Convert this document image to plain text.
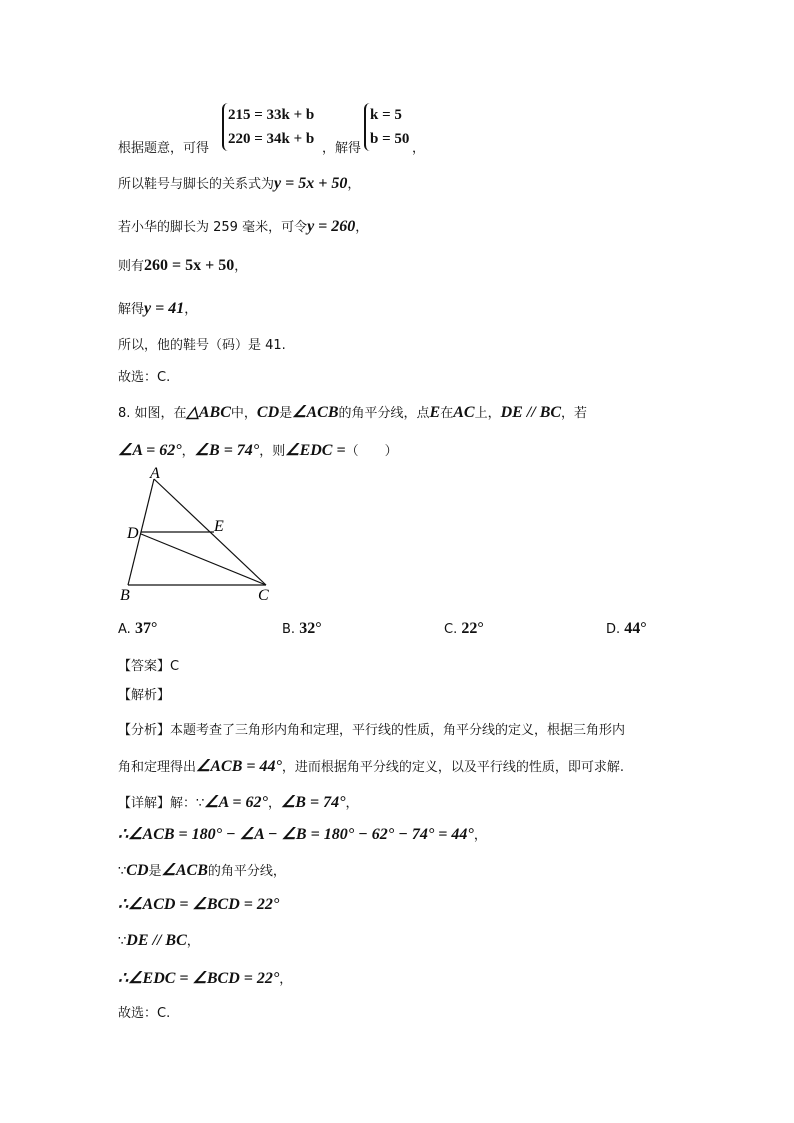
根据题意，可得
215 = 33k + b
220 = 34k + b
，解得
k = 5
b = 50
，
所以鞋号与脚长的关系式为y = 5x + 50，
若小华的脚长为 259 毫米，可令y = 260，
则有260 = 5x + 50，
解得y = 41，
所以，他的鞋号（码）是 41.
故选：C.
8. 如图，在△ABC中，CD是∠ACB的角平分线，点E在AC上，DE // BC，若
∠A = 62°，∠B = 74°，则∠EDC =（　　）
A
D	E
B	C
A. 37°	B. 32°	C. 22°	D. 44°
【答案】C
【解析】
【分析】本题考查了三角形内角和定理，平行线的性质，角平分线的定义，根据三角形内
角和定理得出∠ACB = 44°，进而根据角平分线的定义，以及平行线的性质，即可求解.
【详解】解：∵∠A = 62°，∠B = 74°，
∴∠ACB = 180° − ∠A − ∠B = 180° − 62° − 74° = 44°，
∵CD是∠ACB的角平分线，
∴∠ACD = ∠BCD = 22°
∵DE // BC，
∴∠EDC = ∠BCD = 22°，
故选：C.
